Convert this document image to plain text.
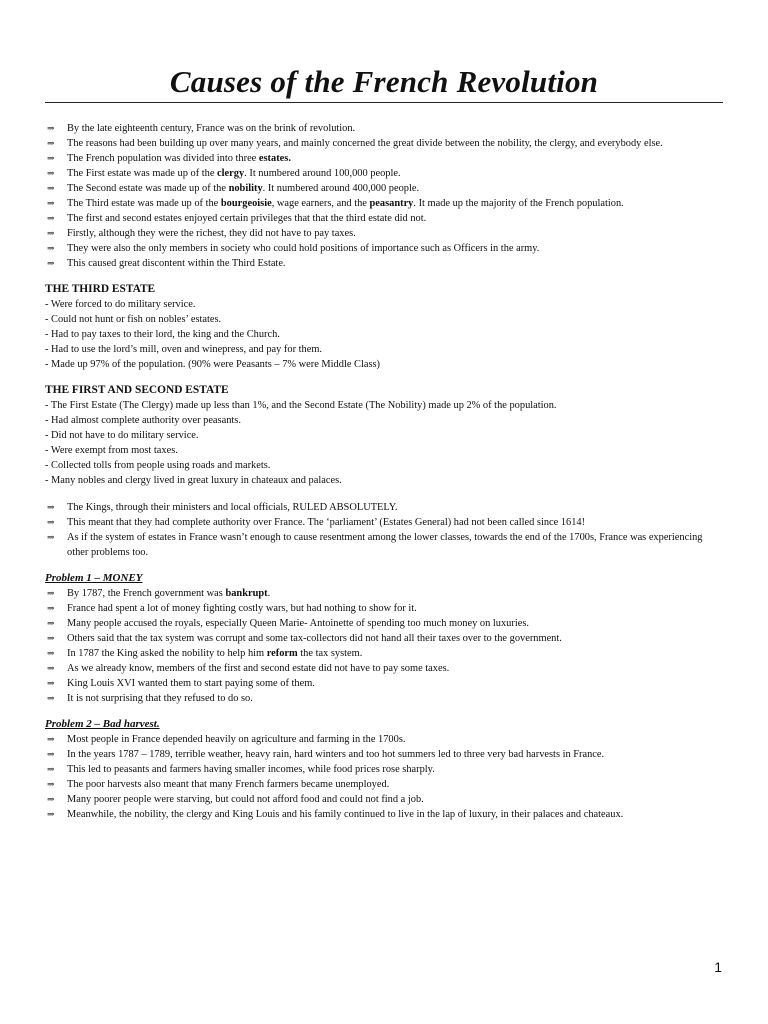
Causes of the French Revolution
⇒ By the late eighteenth century, France was on the brink of revolution.
⇒ The reasons had been building up over many years, and mainly concerned the great divide between the nobility, the clergy, and everybody else.
⇒ The French population was divided into three estates.
⇒ The First estate was made up of the clergy. It numbered around 100,000 people.
⇒ The Second estate was made up of the nobility. It numbered around 400,000 people.
⇒ The Third estate was made up of the bourgeoisie, wage earners, and the peasantry. It made up the majority of the French population.
⇒ The first and second estates enjoyed certain privileges that that the third estate did not.
⇒ Firstly, although they were the richest, they did not have to pay taxes.
⇒ They were also the only members in society who could hold positions of importance such as Officers in the army.
⇒ This caused great discontent within the Third Estate.
THE THIRD ESTATE
- Were forced to do military service.
- Could not hunt or fish on nobles’ estates.
- Had to pay taxes to their lord, the king and the Church.
- Had to use the lord’s mill, oven and winepress, and pay for them.
- Made up 97% of the population. (90% were Peasants – 7% were Middle Class)
THE FIRST AND SECOND ESTATE
- The First Estate (The Clergy) made up less than 1%, and the Second Estate (The Nobility) made up 2% of the population.
- Had almost complete authority over peasants.
- Did not have to do military service.
- Were exempt from most taxes.
- Collected tolls from people using roads and markets.
- Many nobles and clergy lived in great luxury in chateaux and palaces.
⇒ The Kings, through their ministers and local officials, RULED ABSOLUTELY.
⇒ This meant that they had complete authority over France. The ‘parliament’ (Estates General) had not been called since 1614!
⇒ As if the system of estates in France wasn’t enough to cause resentment among the lower classes, towards the end of the 1700s, France was experiencing other problems too.
Problem 1 – MONEY
⇒ By 1787, the French government was bankrupt.
⇒ France had spent a lot of money fighting costly wars, but had nothing to show for it.
⇒ Many people accused the royals, especially Queen Marie- Antoinette of spending too much money on luxuries.
⇒ Others said that the tax system was corrupt and some tax-collectors did not hand all their taxes over to the government.
⇒ In 1787 the King asked the nobility to help him reform the tax system.
⇒ As we already know, members of the first and second estate did not have to pay some taxes.
⇒ King Louis XVI wanted them to start paying some of them.
⇒ It is not surprising that they refused to do so.
Problem 2 – Bad harvest.
⇒ Most people in France depended heavily on agriculture and farming in the 1700s.
⇒ In the years 1787 – 1789, terrible weather, heavy rain, hard winters and too hot summers led to three very bad harvests in France.
⇒ This led to peasants and farmers having smaller incomes, while food prices rose sharply.
⇒ The poor harvests also meant that many French farmers became unemployed.
⇒ Many poorer people were starving, but could not afford food and could not find a job.
⇒ Meanwhile, the nobility, the clergy and King Louis and his family continued to live in the lap of luxury, in their palaces and chateaux.
1
